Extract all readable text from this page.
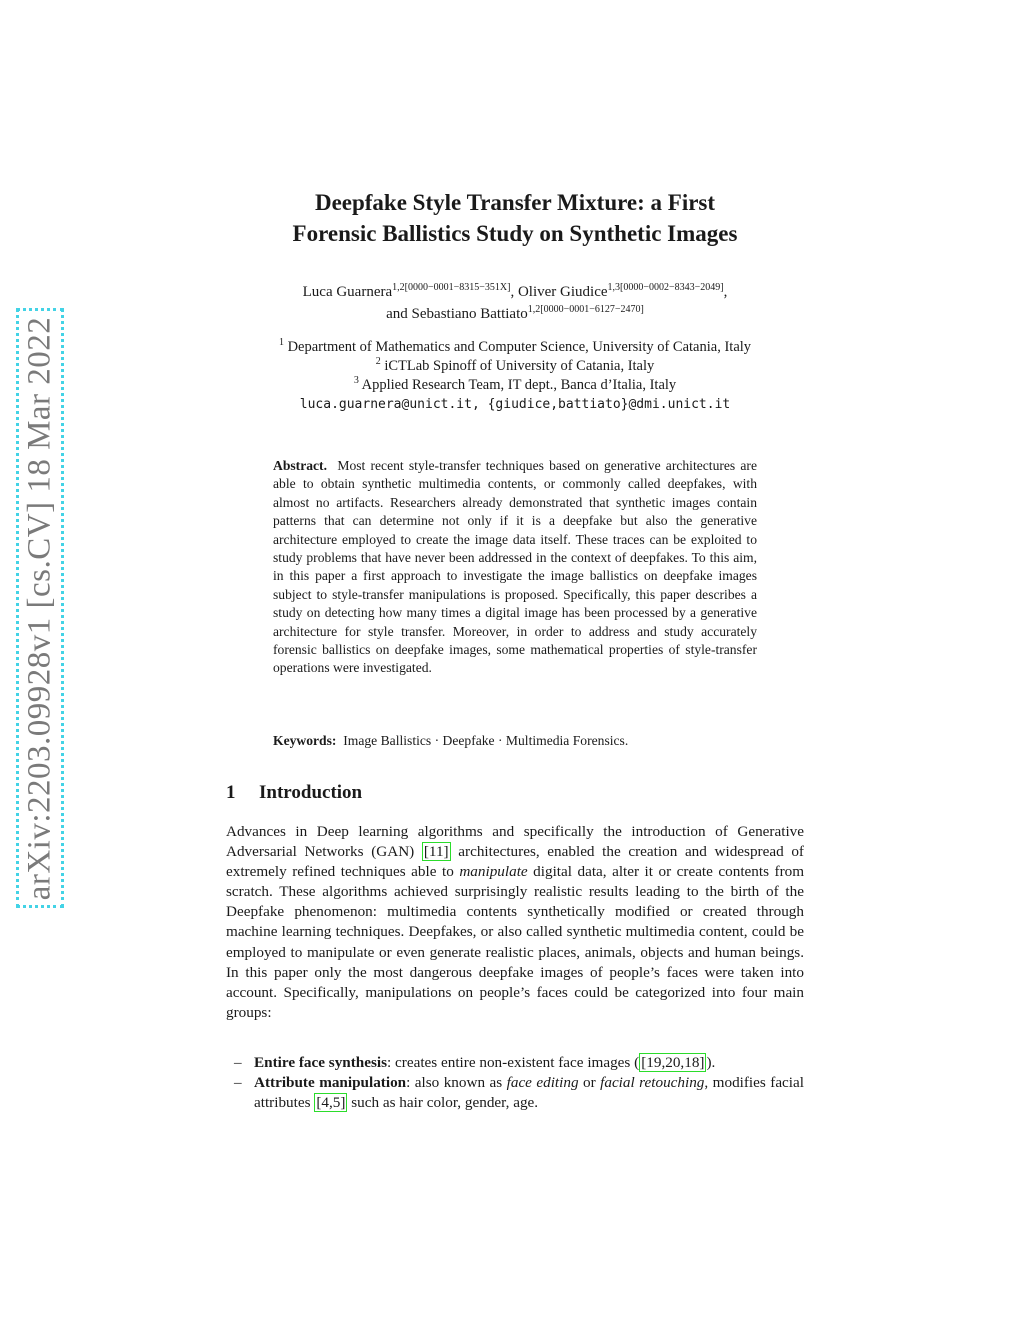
arXiv:2203.09928v1 [cs.CV] 18 Mar 2022
Deepfake Style Transfer Mixture: a First
Forensic Ballistics Study on Synthetic Images
Luca Guarnera$^{1,2[0000-0001-8315-351X]}$, Oliver Giudice$^{1,3[0000-0002-8343-2049]}$,
and Sebastiano Battiato$^{1,2[0000-0001-6127-2470]}$
$^1$ Department of Mathematics and Computer Science, University of Catania, Italy
$^2$ iCTLab Spinoff of University of Catania, Italy
$^3$ Applied Research Team, IT dept., Banca d’Italia, Italy
luca.guarnera@unict.it, {giudice,battiato}@dmi.unict.it
Abstract. Most recent style-transfer techniques based on generative architectures are able to obtain synthetic multimedia contents, or commonly called deepfakes, with almost no artifacts. Researchers already demonstrated that synthetic images contain patterns that can determine not only if it is a deepfake but also the generative architecture employed to create the image data itself. These traces can be exploited to study problems that have never been addressed in the context of deepfakes. To this aim, in this paper a first approach to investigate the image ballistics on deepfake images subject to style-transfer manipulations is proposed. Specifically, this paper describes a study on detecting how many times a digital image has been processed by a generative architecture for style transfer. Moreover, in order to address and study accurately forensic ballistics on deepfake images, some mathematical properties of style-transfer operations were investigated.
Keywords: Image Ballistics · Deepfake · Multimedia Forensics.
1 Introduction
Advances in Deep learning algorithms and specifically the introduction of Generative Adversarial Networks (GAN) [11] architectures, enabled the creation and widespread of extremely refined techniques able to manipulate digital data, alter it or create contents from scratch. These algorithms achieved surprisingly realistic results leading to the birth of the Deepfake phenomenon: multimedia contents synthetically modified or created through machine learning techniques. Deepfakes, or also called synthetic multimedia content, could be employed to manipulate or even generate realistic places, animals, objects and human beings. In this paper only the most dangerous deepfake images of people’s faces were taken into account. Specifically, manipulations on people’s faces could be categorized into four main groups:
– Entire face synthesis: creates entire non-existent face images ( [19,20,18] ).
– Attribute manipulation: also known as face editing or facial retouching, modifies facial attributes [4,5] such as hair color, gender, age.
